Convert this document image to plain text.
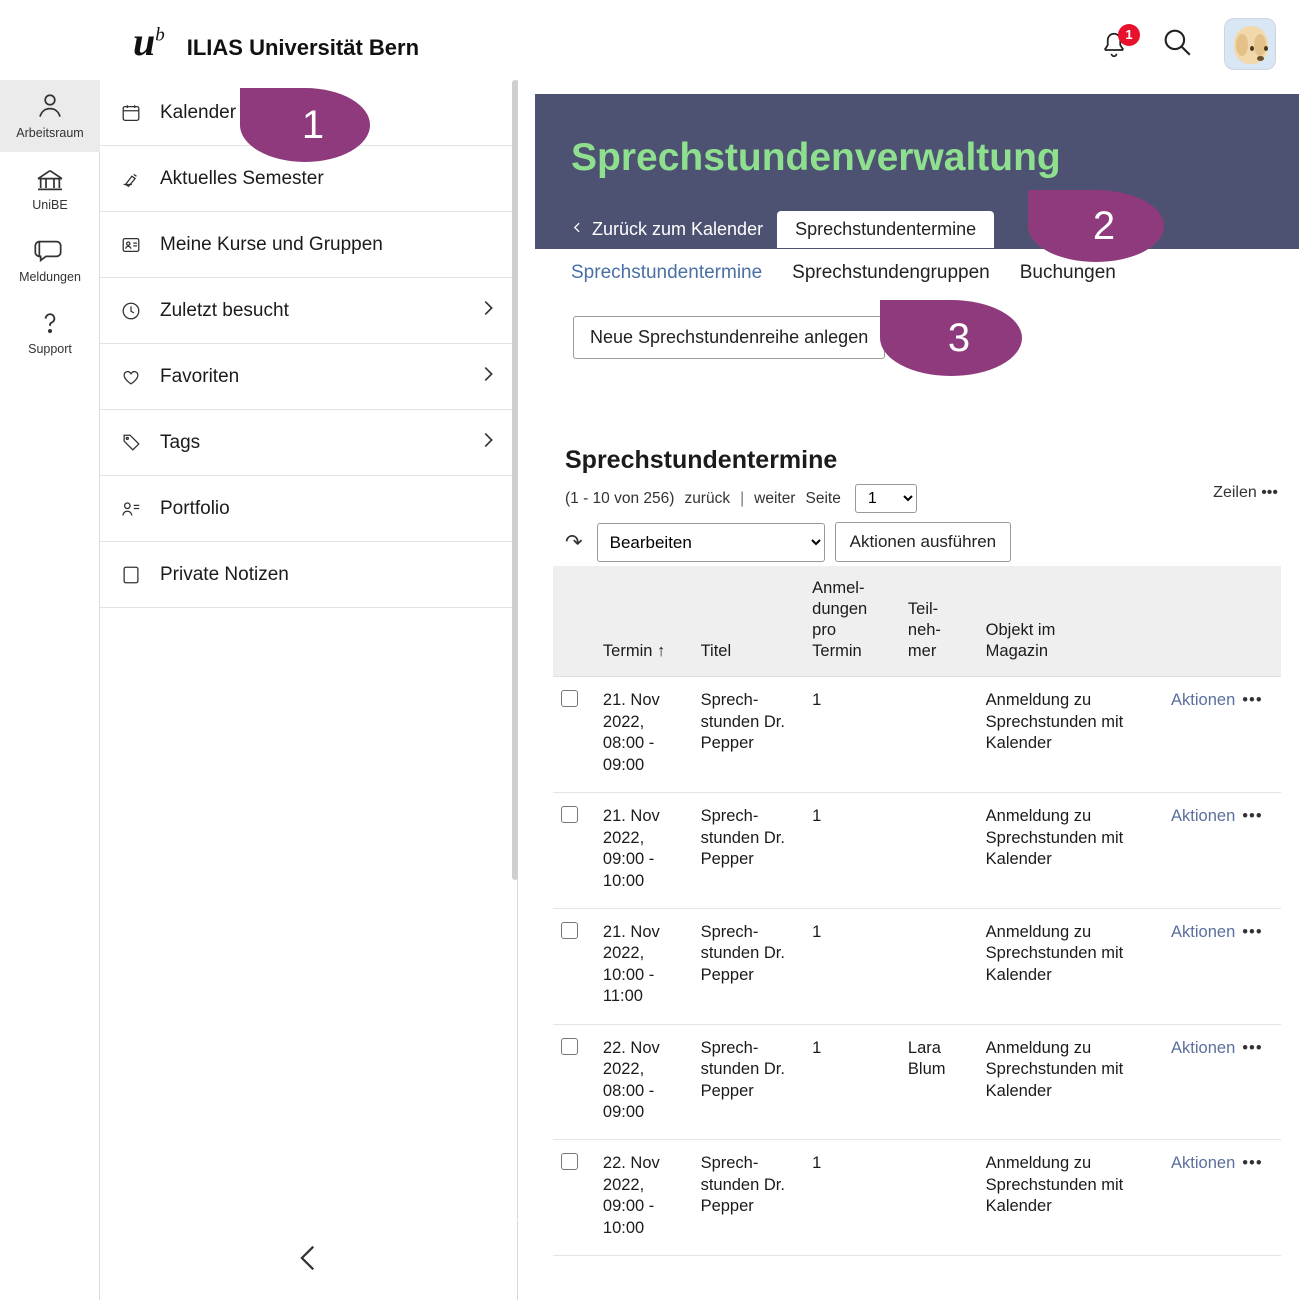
$u^b$ ILIAS Universität Bern
1
Arbeitsraum
UniBE
Meldungen
Support
Kalender
Aktuelles Semester
Meine Kurse und Gruppen
Zuletzt besucht
Favoriten
Tags
Portfolio
Private Notizen
Sprechstundenverwaltung
Zurück zum Kalender	Sprechstundentermine
Sprechstundentermine Sprechstundengruppen Buchungen
Neue Sprechstundenreihe anlegen
Sprechstundentermine
(1 - 10 von 256) zurück | weiter Seite
1	Zeilen •••
↷
Bearbeiten	Aktionen ausführen
	Termin ↑	Titel	Anmel-
dungen
pro
Termin	Teil-
neh-
mer	Objekt im
Magazin	
	21. Nov 2022, 08:00 - 09:00	Sprech-stunden Dr. Pepper	1		Anmeldung zu Sprechstunden mit Kalender	Aktionen •••
	21. Nov 2022, 09:00 - 10:00	Sprech-stunden Dr. Pepper	1		Anmeldung zu Sprechstunden mit Kalender	Aktionen •••
	21. Nov 2022, 10:00 - 11:00	Sprech-stunden Dr. Pepper	1		Anmeldung zu Sprechstunden mit Kalender	Aktionen •••
	22. Nov 2022, 08:00 - 09:00	Sprech-stunden Dr. Pepper	1	Lara Blum	Anmeldung zu Sprechstunden mit Kalender	Aktionen •••
	22. Nov 2022, 09:00 - 10:00	Sprech-stunden Dr. Pepper	1		Anmeldung zu Sprechstunden mit Kalender	Aktionen •••
1
2
3
